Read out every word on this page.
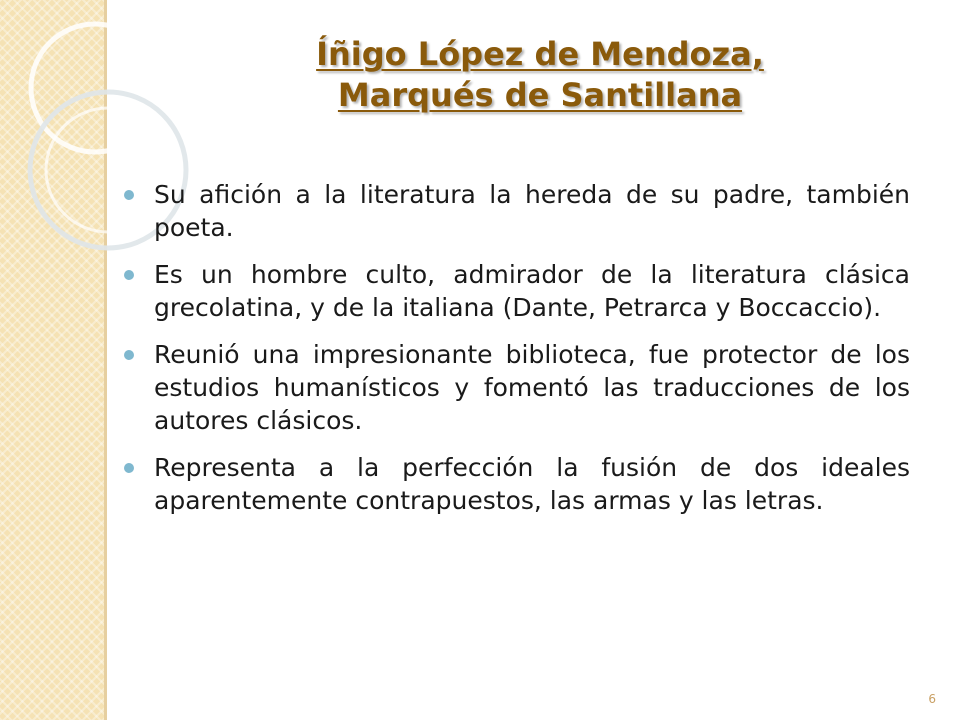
Íñigo López de Mendoza,
Marqués de Santillana
Su afición a la literatura la hereda de su padre, también poeta.
Es un hombre culto, admirador de la literatura clásica grecolatina, y de la italiana (Dante, Petrarca y Boccaccio).
Reunió una impresionante biblioteca, fue protector de los estudios humanísticos y fomentó las traducciones de los autores clásicos.
Representa a la perfección la fusión de dos ideales aparentemente contrapuestos, las armas y las letras.
6
